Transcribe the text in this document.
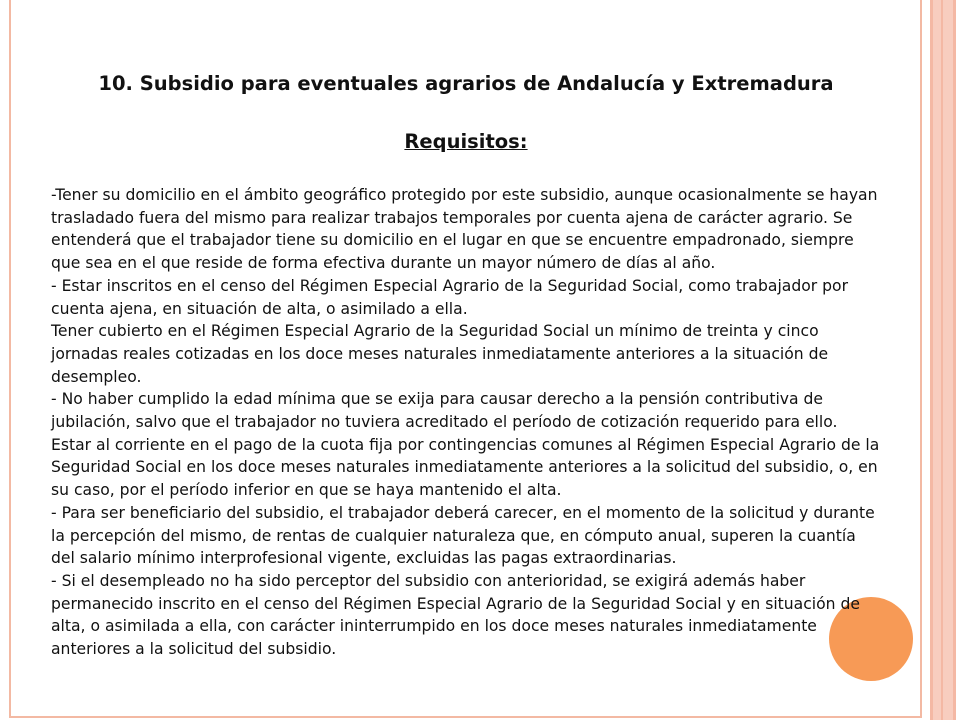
10. Subsidio para eventuales agrarios de Andalucía y Extremadura
Requisitos:

-Tener su domicilio en el ámbito geográfico protegido por este subsidio, aunque ocasionalmente se hayan trasladado fuera del mismo para realizar trabajos temporales por cuenta ajena de carácter agrario. Se entenderá que el trabajador tiene su domicilio en el lugar en que se encuentre empadronado, siempre que sea en el que reside de forma efectiva durante un mayor número de días al año.

- Estar inscritos en el censo del Régimen Especial Agrario de la Seguridad Social, como trabajador por cuenta ajena, en situación de alta, o asimilado a ella.

Tener cubierto en el Régimen Especial Agrario de la Seguridad Social un mínimo de treinta y cinco jornadas reales cotizadas en los doce meses naturales inmediatamente anteriores a la situación de desempleo.

- No haber cumplido la edad mínima que se exija para causar derecho a la pensión contributiva de jubilación, salvo que el trabajador no tuviera acreditado el período de cotización requerido para ello.

Estar al corriente en el pago de la cuota fija por contingencias comunes al Régimen Especial Agrario de la Seguridad Social en los doce meses naturales inmediatamente anteriores a la solicitud del subsidio, o, en su caso, por el período inferior en que se haya mantenido el alta.

- Para ser beneficiario del subsidio, el trabajador deberá carecer, en el momento de la solicitud y durante la percepción del mismo, de rentas de cualquier naturaleza que, en cómputo anual, superen la cuantía del salario mínimo interprofesional vigente, excluidas las pagas extraordinarias.

- Si el desempleado no ha sido perceptor del subsidio con anterioridad, se exigirá además haber permanecido inscrito en el censo del Régimen Especial Agrario de la Seguridad Social y en situación de alta, o asimilada a ella, con carácter ininterrumpido en los doce meses naturales inmediatamente anteriores a la solicitud del subsidio.
